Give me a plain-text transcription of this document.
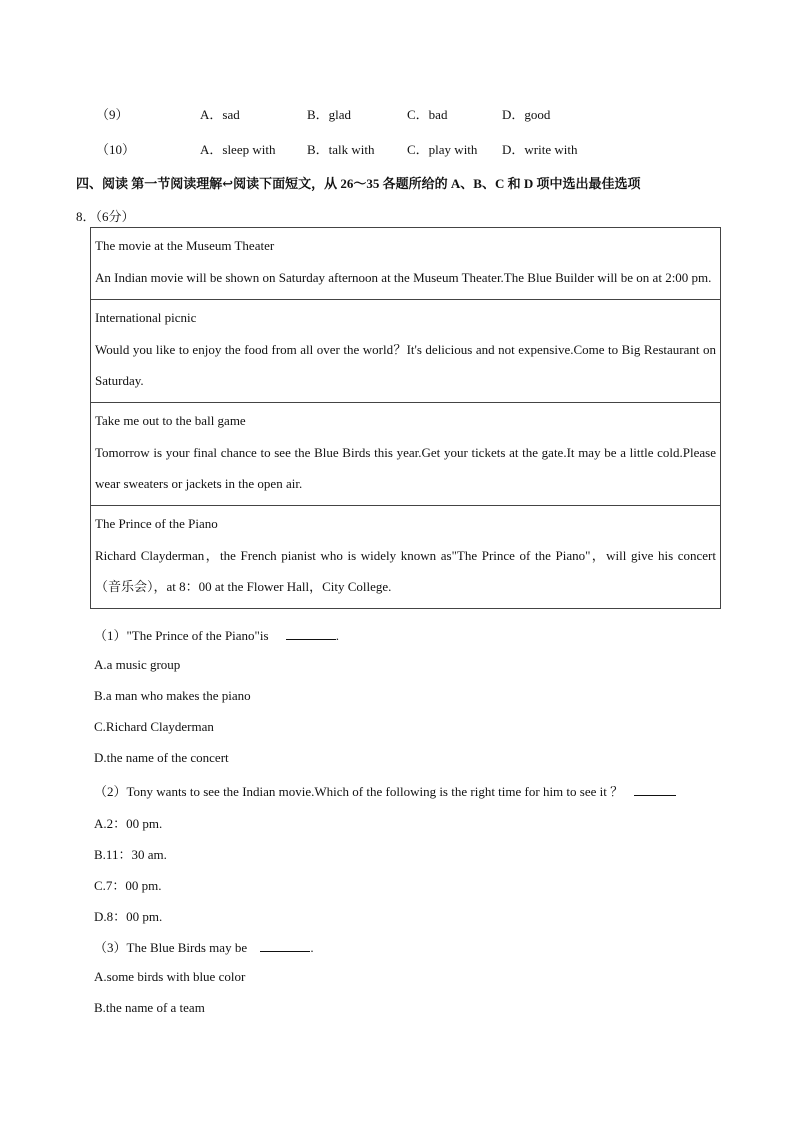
（9）	A．sad	B．glad	C．bad	D．good
（10）	A．sleep with B．talk with C．play with D．write with
四、阅读 第一节阅读理解↩阅读下面短文，从 26～35 各题所给的 A、B、C 和 D 项中选出最佳选项
8．（6分）
The movie at the Museum Theater
An Indian movie will be shown on Saturday afternoon at the Museum Theater.The Blue Builder will be on at 2:00 pm.

International picnic
Would you like to enjoy the food from all over the world？It's delicious and not expensive.Come to Big Restaurant on Saturday.

Take me out to the ball game
Tomorrow is your final chance to see the Blue Birds this year.Get your tickets at the gate.It may be a little cold.Please wear sweaters or jackets in the open air.

The Prince of the Piano
Richard Clayderman，the French pianist who is widely known as"The Prince of the Piano"，will give his concert（音乐会），at 8：00 at the Flower Hall，City College.
（1）"The Prince of the Piano"is	.
A.a music group
B.a man who makes the piano
C.Richard Clayderman
D.the name of the concert
（2）Tony wants to see the Indian movie.Which of the following is the right time for him to see it ？
A.2：00 pm.
B.11：30 am.
C.7：00 pm.
D.8：00 pm.
（3）The Blue Birds may be	.
A.some birds with blue color
B.the name of a team
